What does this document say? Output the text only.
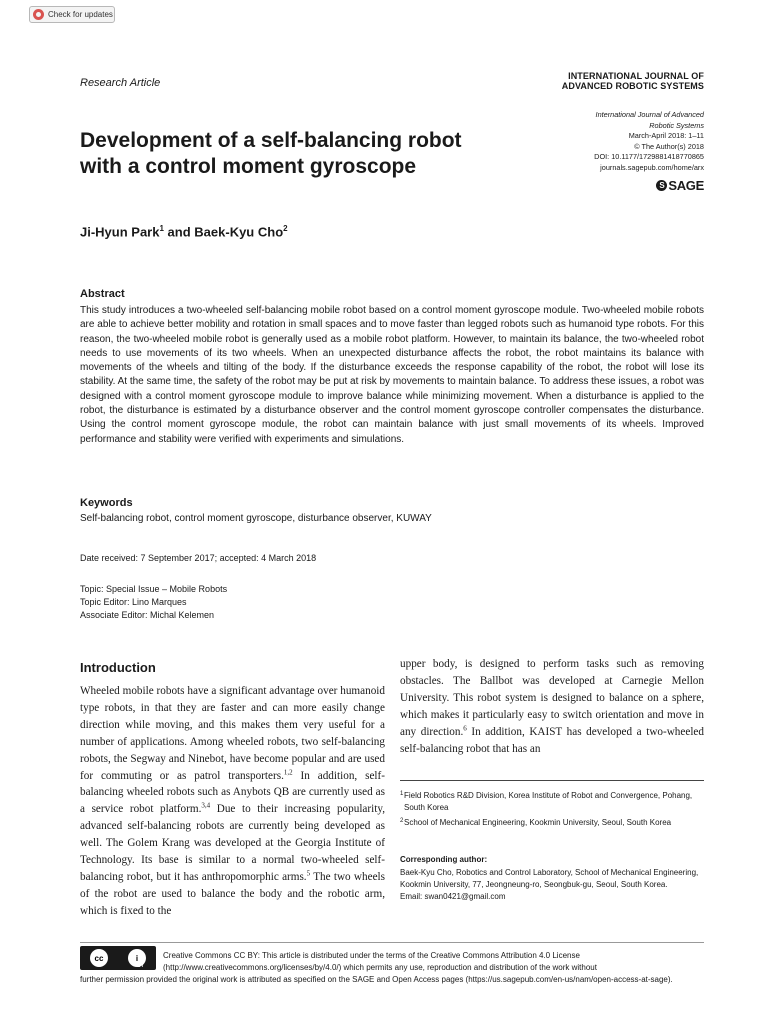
Check for updates
Research Article
INTERNATIONAL JOURNAL OF
ADVANCED ROBOTIC SYSTEMS
International Journal of Advanced
Robotic Systems
March-April 2018: 1–11
© The Author(s) 2018
DOI: 10.1177/1729881418770865
journals.sagepub.com/home/arx
S SAGE
Development of a self-balancing robot
with a control moment gyroscope
Ji-Hyun Park$^1$ and Baek-Kyu Cho$^2$
Abstract
This study introduces a two-wheeled self-balancing mobile robot based on a control moment gyroscope module. Two-wheeled mobile robots are able to achieve better mobility and rotation in small spaces and to move faster than legged robots such as humanoid type robots. For this reason, the two-wheeled mobile robot is generally used as a mobile robot platform. However, to maintain its balance, the two-wheeled robot needs to use movements of its two wheels. When an unexpected disturbance affects the robot, the robot maintains its balance with movements of the wheels and tilting of the body. If the disturbance exceeds the response capability of the robot, the robot will lose its stability. At the same time, the safety of the robot may be put at risk by movements to maintain balance. To address these issues, a robot was designed with a control moment gyroscope module to improve balance while minimizing movement. When a disturbance is applied to the robot, the disturbance is estimated by a disturbance observer and the control moment gyroscope controller compensates the disturbance. Using the control moment gyroscope module, the robot can maintain balance with just small movements of its wheels. Improved performance and stability were verified with experiments and simulations.
Keywords
Self-balancing robot, control moment gyroscope, disturbance observer, KUWAY
Date received: 7 September 2017; accepted: 4 March 2018
Topic: Special Issue – Mobile Robots
Topic Editor: Lino Marques
Associate Editor: Michal Kelemen
Introduction
Wheeled mobile robots have a significant advantage over humanoid type robots, in that they are faster and can more easily change direction while moving, and this makes them very useful for a number of applications. Among wheeled robots, two self-balancing robots, the Segway and Ninebot, have become popular and are used for commuting or as patrol transporters.$^{1,2}$ In addition, self-balancing wheeled robots such as Anybots QB are currently used as a service robot platform.$^{3,4}$ Due to their increasing popularity, advanced self-balancing robots are currently being developed as well. The Golem Krang was developed at the Georgia Institute of Technology. Its base is similar to a normal two-wheeled self-balancing robot, but it has anthropomorphic arms.$^5$ The two wheels of the robot are used to balance the body and the robotic arm, which is fixed to the
upper body, is designed to perform tasks such as removing obstacles. The Ballbot was developed at Carnegie Mellon University. This robot system is designed to balance on a sphere, which makes it particularly easy to switch orientation and move in any direction.$^6$ In addition, KAIST has developed a two-wheeled self-balancing robot that has an
1 Field Robotics R&D Division, Korea Institute of Robot and Convergence, Pohang, South Korea
2 School of Mechanical Engineering, Kookmin University, Seoul, South Korea
Corresponding author:
Baek-Kyu Cho, Robotics and Control Laboratory, School of Mechanical Engineering, Kookmin University, 77, Jeongneung-ro, Seongbuk-gu, Seoul, South Korea.
Email: swan0421@gmail.com
cc	i
BY
Creative Commons CC BY: This article is distributed under the terms of the Creative Commons Attribution 4.0 License (http://www.creativecommons.org/licenses/by/4.0/) which permits any use, reproduction and distribution of the work without
further permission provided the original work is attributed as specified on the SAGE and Open Access pages (https://us.sagepub.com/en-us/nam/open-access-at-sage).
